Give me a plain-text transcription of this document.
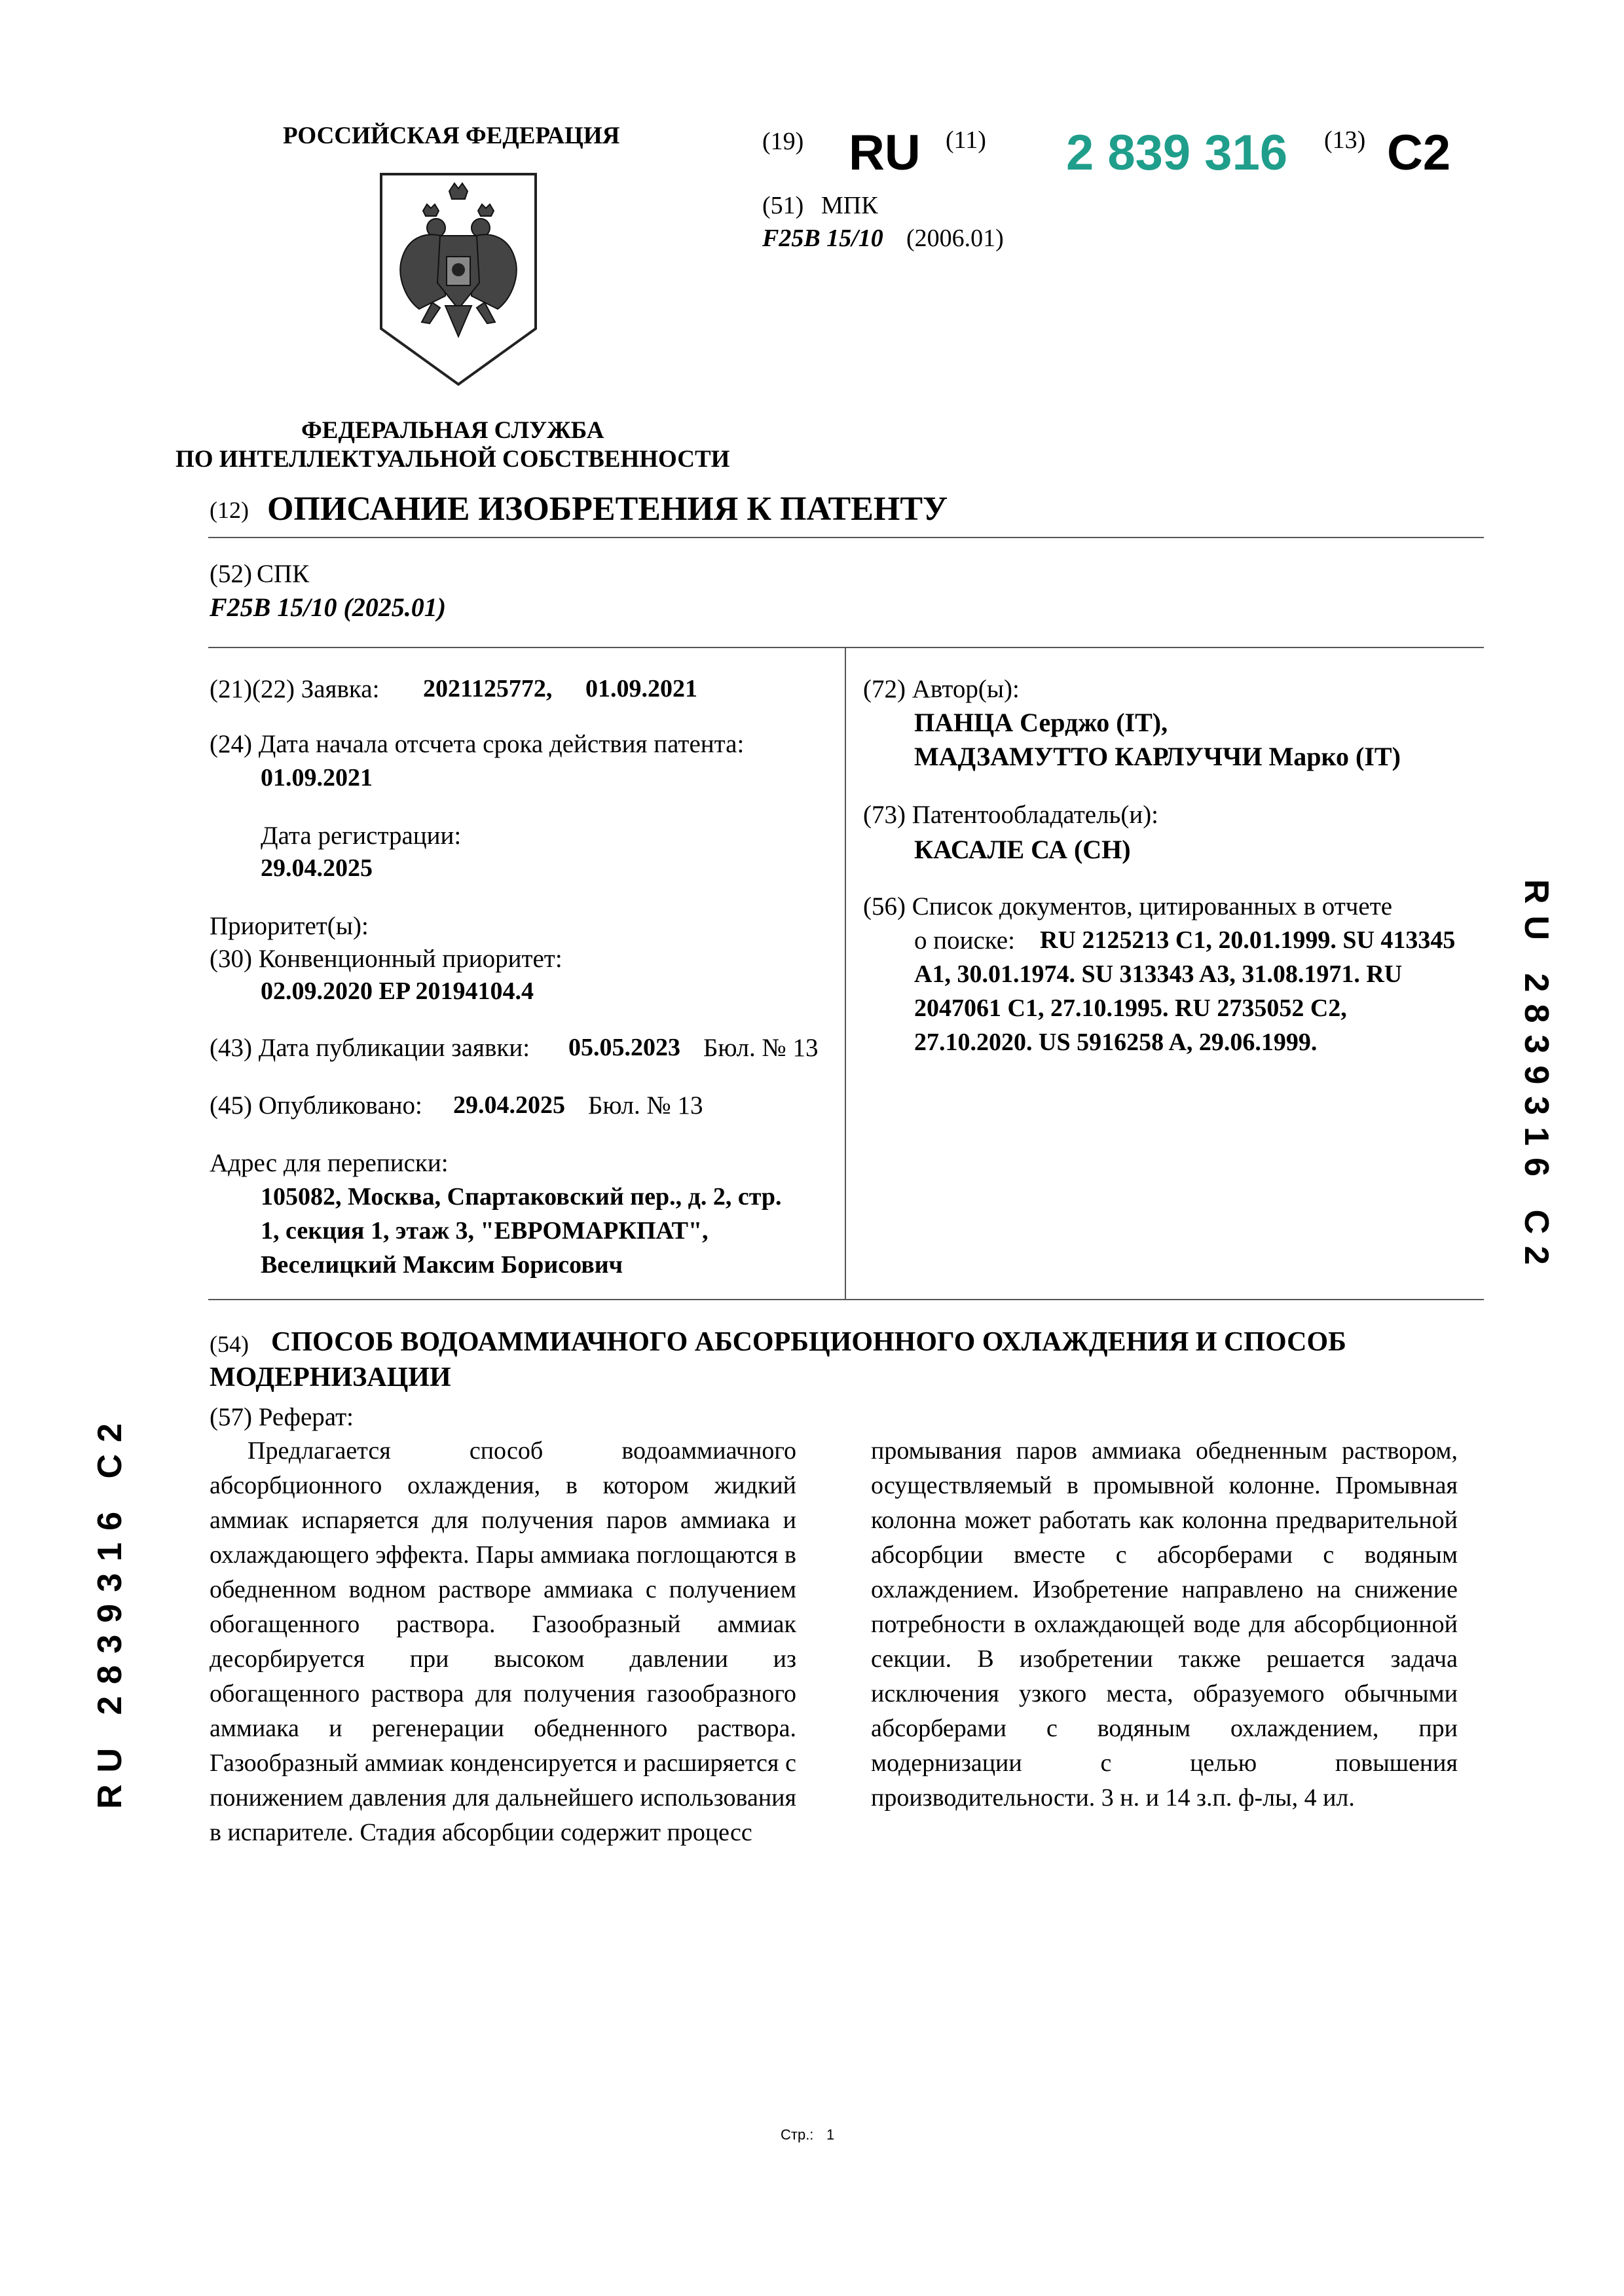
РОССИЙСКАЯ ФЕДЕРАЦИЯ
ФЕДЕРАЛЬНАЯ СЛУЖБА
ПО ИНТЕЛЛЕКТУАЛЬНОЙ СОБСТВЕННОСТИ
(19) RU (11) 2 839 316 (13) C2
(51) МПК
F25B 15/10 (2006.01)
(12) ОПИСАНИЕ ИЗОБРЕТЕНИЯ К ПАТЕНТУ
(52) СПК
F25B 15/10 (2025.01)
(21)(22) Заявка: 2021125772, 01.09.2021
(24) Дата начала отсчета срока действия патента:
01.09.2021
Дата регистрации:
29.04.2025
Приоритет(ы):
(30) Конвенционный приоритет:
02.09.2020 EP 20194104.4
(43) Дата публикации заявки: 05.05.2023 Бюл. № 13
(45) Опубликовано: 29.04.2025 Бюл. № 13
Адрес для переписки:
105082, Москва, Спартаковский пер., д. 2, стр.
1, секция 1, этаж 3, "ЕВРОМАРКПАТ",
Веселицкий Максим Борисович
(72) Автор(ы):
ПАНЦА Серджо (IT),
МАДЗАМУТТО КАРЛУЧЧИ Марко (IT)
(73) Патентообладатель(и):
КАСАЛЕ СА (CH)
(56) Список документов, цитированных в отчете
о поиске: RU 2125213 C1, 20.01.1999. SU 413345
A1, 30.01.1974. SU 313343 A3, 31.08.1971. RU
2047061 C1, 27.10.1995. RU 2735052 C2,
27.10.2020. US 5916258 A, 29.06.1999.
(54) СПОСОБ ВОДОАММИАЧНОГО АБСОРБЦИОННОГО ОХЛАЖДЕНИЯ И СПОСОБ
МОДЕРНИЗАЦИИ
(57) Реферат:

Предлагается способ водоаммиачного абсорбционного охлаждения, в котором жидкий аммиак испаряется для получения паров аммиака и охлаждающего эффекта. Пары аммиака поглощаются в обедненном водном растворе аммиака с получением обогащенного раствора. Газообразный аммиак десорбируется при высоком давлении из обогащенного раствора для получения газообразного аммиака и регенерации обедненного раствора. Газообразный аммиак конденсируется и расширяется с понижением давления для дальнейшего использования в испарителе. Стадия абсорбции содержит процесс

промывания паров аммиака обедненным раствором, осуществляемый в промывной колонне. Промывная колонна может работать как колонна предварительной абсорбции вместе с абсорберами с водяным охлаждением. Изобретение направлено на снижение потребности в охлаждающей воде для абсорбционной секции. В изобретении также решается задача исключения узкого места, образуемого обычными абсорберами с водяным охлаждением, при модернизации с целью повышения производительности. 3 н. и 14 з.п. ф-лы, 4 ил.

RU 2839316 C2
RU 2839316 C2
Стр.: 1
